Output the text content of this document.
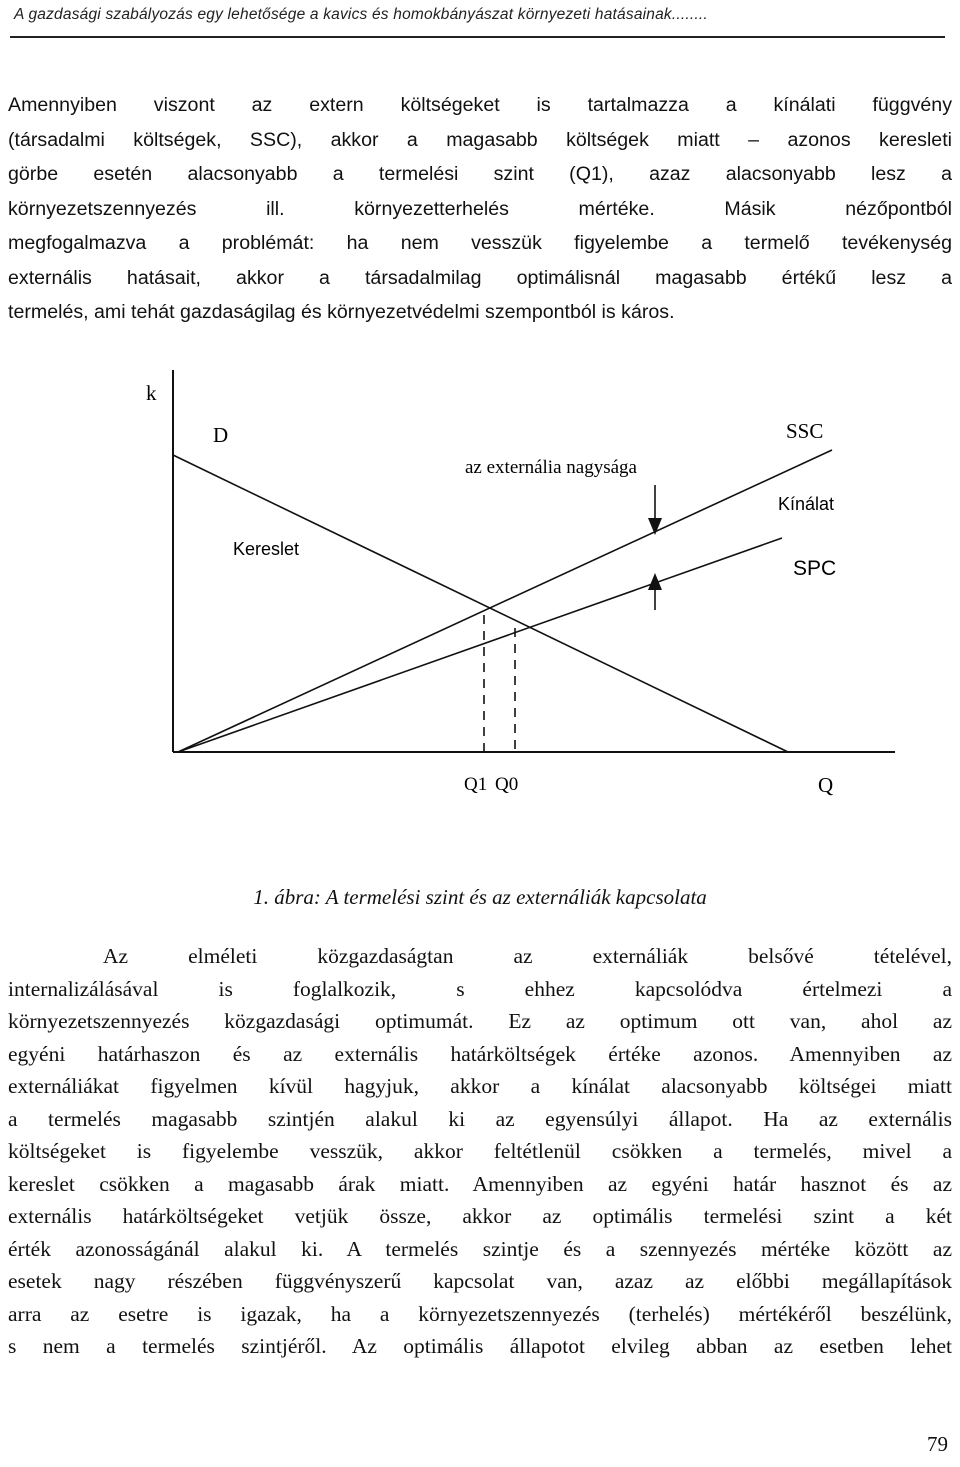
A gazdasági szabályozás egy lehetősége a kavics és homokbányászat környezeti hatásainak........
Amennyiben viszont az extern költségeket is tartalmazza a kínálati függvény
(társadalmi költségek, SSC), akkor a magasabb költségek miatt – azonos keresleti
görbe esetén alacsonyabb a termelési szint (Q1), azaz alacsonyabb lesz a
környezetszennyezés ill. környezetterhelés mértéke. Másik nézőpontból
megfogalmazva a problémát: ha nem vesszük figyelembe a termelő tevékenység
externális hatásait, akkor a társadalmilag optimálisnál magasabb értékű lesz a
termelés, ami tehát gazdaságilag és környezetvédelmi szempontból is káros.
k
Q
D
Kereslet
SSC
Kínálat
SPC
az externália nagysága
Q1 Q0
1. ábra: A termelési szint és az externáliák kapcsolata
Az elméleti közgazdaságtan az externáliák belsővé tételével,
internalizálásával is foglalkozik, s ehhez kapcsolódva értelmezi a
környezetszennyezés közgazdasági optimumát. Ez az optimum ott van, ahol az
egyéni határhaszon és az externális határköltségek értéke azonos. Amennyiben az
externáliákat figyelmen kívül hagyjuk, akkor a kínálat alacsonyabb költségei miatt
a termelés magasabb szintjén alakul ki az egyensúlyi állapot. Ha az externális
költségeket is figyelembe vesszük, akkor feltétlenül csökken a termelés, mivel a
kereslet csökken a magasabb árak miatt. Amennyiben az egyéni határ hasznot és az
externális határköltségeket vetjük össze, akkor az optimális termelési szint a két
érték azonosságánál alakul ki. A termelés szintje és a szennyezés mértéke között az
esetek nagy részében függvényszerű kapcsolat van, azaz az előbbi megállapítások
arra az esetre is igazak, ha a környezetszennyezés (terhelés) mértékéről beszélünk,
s nem a termelés szintjéről. Az optimális állapotot elvileg abban az esetben lehet
79
